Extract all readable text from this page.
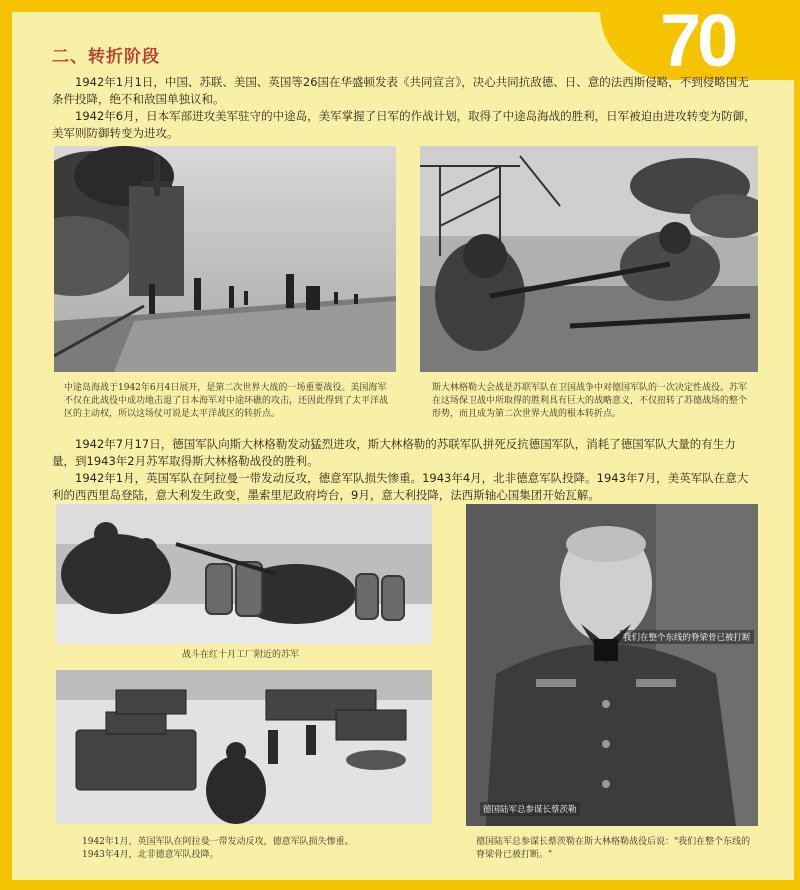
70
二、转折阶段
1942年1月1日，中国、苏联、美国、英国等26国在华盛顿发表《共同宣言》，决心共同抗敌德、日、意的法西斯侵略，不到侵略国无条件投降，绝不和敌国单独议和。
1942年6月，日本军部进攻美军驻守的中途岛，美军掌握了日军的作战计划，取得了中途岛海战的胜利，日军被迫由进攻转变为防御，美军则防御转变为进攻。
中途岛海战于1942年6月4日展开，是第二次世界大战的一场重要战役。美国海军不仅在此战役中成功地击退了日本海军对中途环礁的攻击，还因此得到了太平洋战区的主动权，所以这场仗可说是太平洋战区的转折点。
斯大林格勒大会战是苏联军队在卫国战争中对德国军队的一次决定性战役。苏军在这场保卫战中所取得的胜利具有巨大的战略意义，不仅扭转了苏德战场的整个形势，而且成为第二次世界大战的根本转折点。
1942年7月17日，德国军队向斯大林格勒发动猛烈进攻，斯大林格勒的苏联军队拼死反抗德国军队，消耗了德国军队大量的有生力量，到1943年2月苏军取得斯大林格勒战役的胜利。
1942年1月，英国军队在阿拉曼一带发动反攻，德意军队损失惨重。1943年4月，北非德意军队投降。1943年7月，美英军队在意大利的西西里岛登陆，意大利发生政变，墨索里尼政府垮台，9月，意大利投降，法西斯轴心国集团开始瓦解。
战斗在红十月工厂附近的苏军
1942年1月，英国军队在阿拉曼一带发动反攻，德意军队损失惨重。
1943年4月，北非德意军队投降。
我们在整个东线的脊梁骨已被打断
德国陆军总参谋长蔡茨勒
德国陆军总参谋长蔡茨勒在斯大林格勒战役后说："我们在整个东线的脊梁骨已被打断。"
